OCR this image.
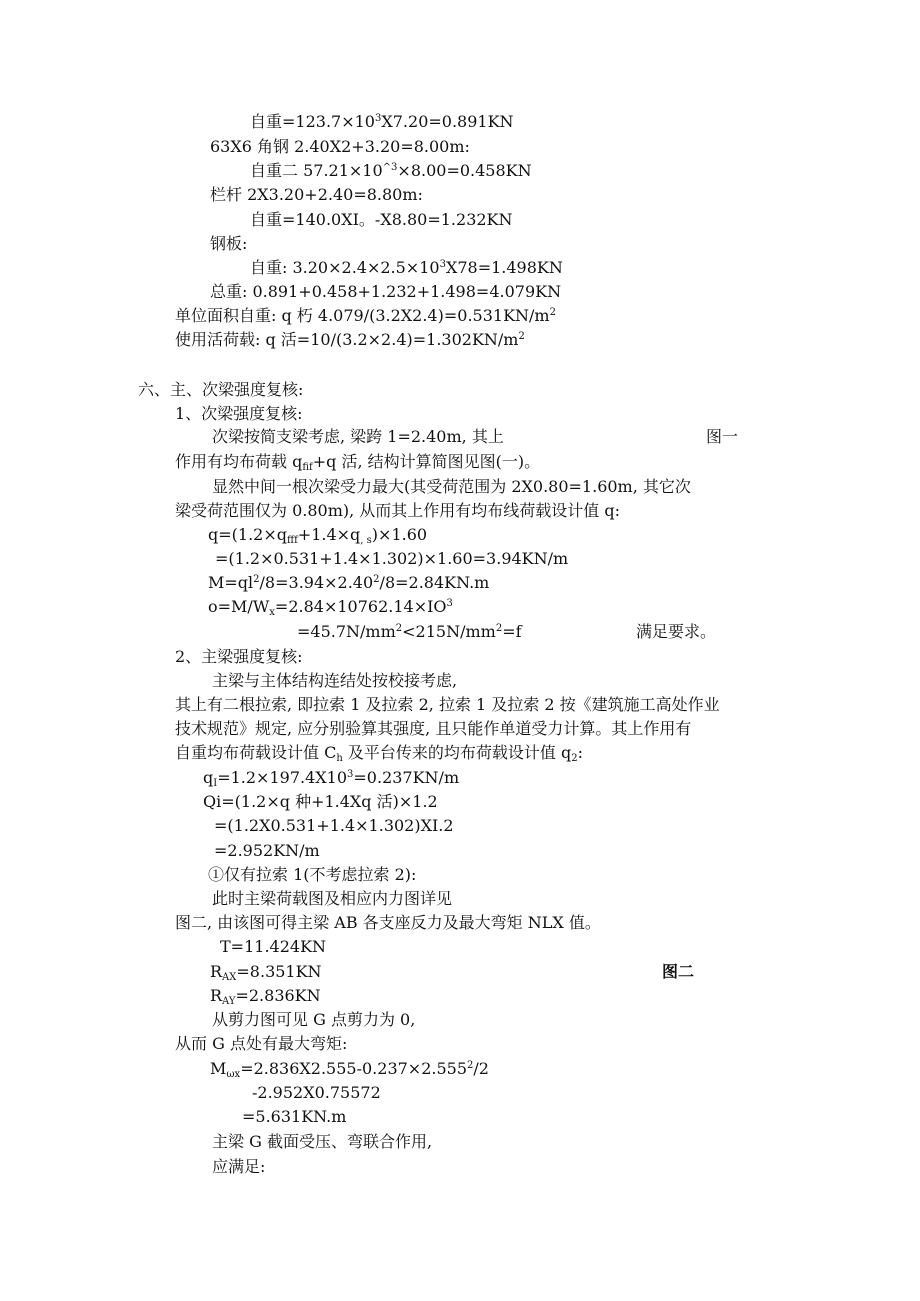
自重$=123.7\times 10^3X7.20=0.891KN$
63X6 角钢 2.40X2+3.20=8.00m:
自重二 $57.21\times 10^{\^{}3}\times 8.00=0.458KN$
栏杆 2X3.20+2.40=8.80m:
自重=140.0XI。-X8.80=1.232KN
钢板:
自重: $3.20\times 2.4\times 2.5\times 10^3X78=1.498KN$
总重: 0.891+0.458+1.232+1.498=4.079KN
单位面积自重: q 朽 $4.079/(3.2X2.4)=0.531KN/m^2$
使用活荷载: q 活$=10/(3.2\times 2.4)=1.302KN/m^2$
六、主、次梁强度复核:
1、次梁强度复核:
次梁按简支梁考虑, 梁跨 1=2.40m, 其上	图一
作用有均布荷载 $q_{fif}+q$ 活, 结构计算简图见图(一)。
显然中间一根次梁受力最大(其受荷范围为 2X0.80=1.60m, 其它次
梁受荷范围仅为 0.80m), 从而其上作用有均布线荷载设计值 q:
$q=(1.2\times q_{fff}+1.4\times q_{, s})\times 1.60$
=(1.2×0.531+1.4×1.302)×1.60=3.94KN/m
$M=ql^2/8=3.94\times 2.40^2/8=2.84KN.m$
$o=M/W_x=2.84\times 10762.14\times IO^3$
$=45.7N/mm^2<215N/mm^2=f$	满足要求。
2、主梁强度复核:
主梁与主体结构连结处按校接考虑,
其上有二根拉索, 即拉索 1 及拉索 2, 拉索 1 及拉索 2 按《建筑施工高处作业
技术规范》规定, 应分别验算其强度, 且只能作单道受力计算。其上作用有
自重均布荷载设计值 $C_h$ 及平台传来的均布荷载设计值 $q_2$:
$q_I=1.2\times 197.4X10^3=0.237KN/m$
Qi=(1.2×q 种+1.4Xq 活)×1.2
=(1.2X0.531+1.4×1.302)XI.2
=2.952KN/m
①仅有拉索 1(不考虑拉索 2):
此时主梁荷载图及相应内力图详见
图二, 由该图可得主梁 AB 各支座反力及最大弯矩 NLX 值。
T=11.424KN
$R_{AX}=8.351KN$	图二
$R_{AY}=2.836KN$
从剪力图可见 G 点剪力为 0,
从而 G 点处有最大弯矩:
$M_{\omega x}=2.836X2.555-0.237\times 2.555^2/2$
-2.952X0.75572
=5.631KN.m
主梁 G 截面受压、弯联合作用,
应满足:
